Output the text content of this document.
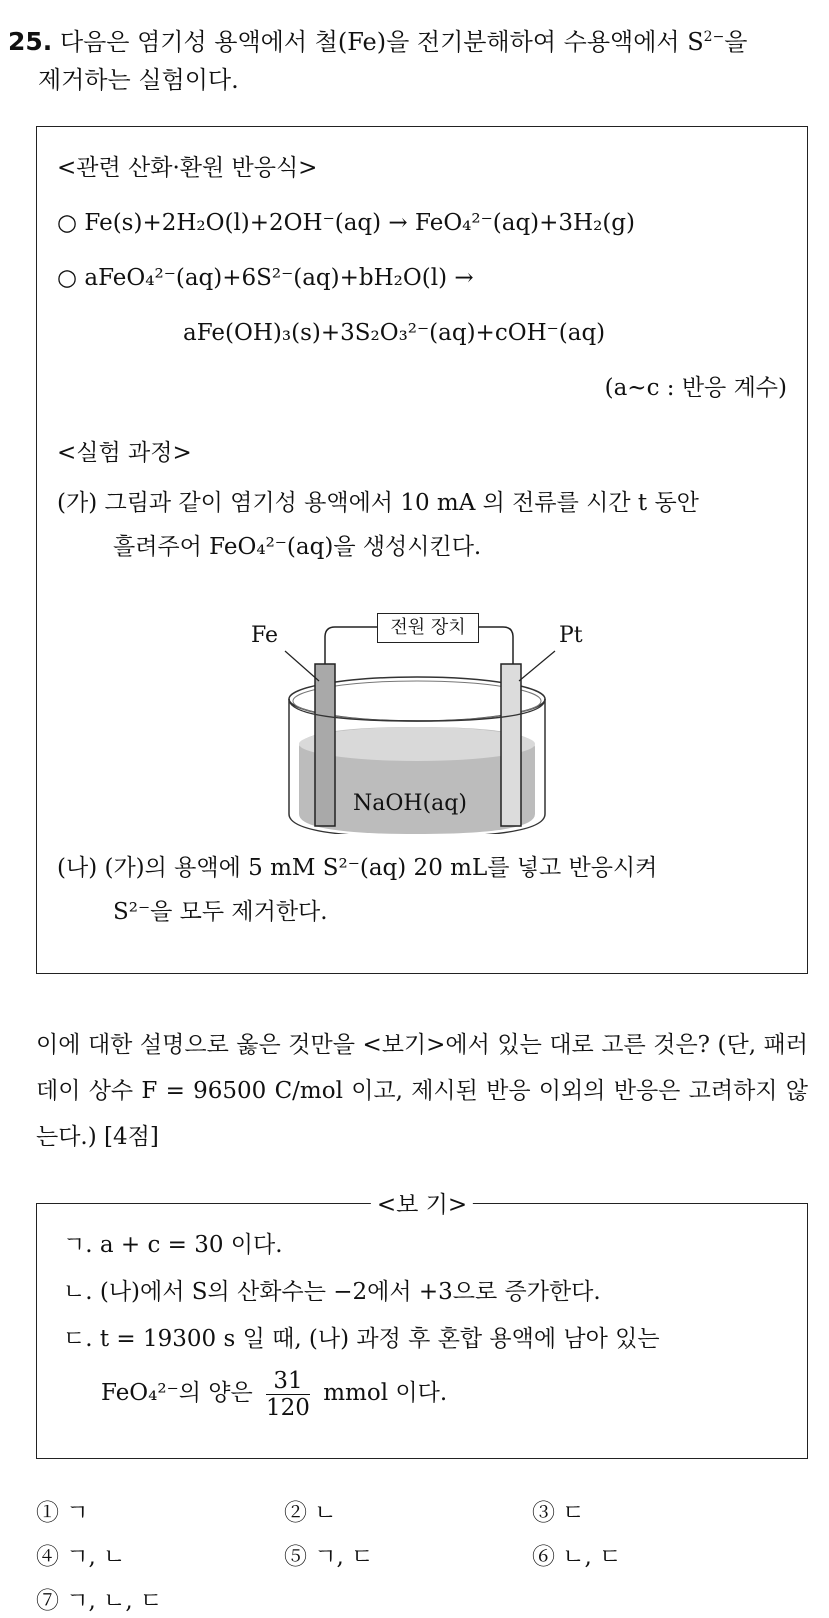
25. 다음은 염기성 용액에서 철(Fe)을 전기분해하여 수용액에서 $S^{2-}$을
제거하는 실험이다.
<관련 산화·환원 반응식>
○ Fe(s)+2H₂O(l)+2OH⁻(aq) → FeO₄²⁻(aq)+3H₂(g)
○ aFeO₄²⁻(aq)+6S²⁻(aq)+bH₂O(l) →
aFe(OH)₃(s)+3S₂O₃²⁻(aq)+cOH⁻(aq)
(a~c : 반응 계수)
<실험 과정>
(가) 그림과 같이 염기성 용액에서 10 mA 의 전류를 시간 t 동안
흘려주어 FeO₄²⁻(aq)을 생성시킨다.
전원 장치
Fe	Pt
NaOH(aq)
(나) (가)의 용액에 5 mM S²⁻(aq) 20 mL를 넣고 반응시켜
S²⁻을 모두 제거한다.
이에 대한 설명으로 옳은 것만을 <보기>에서 있는 대로 고른 것은? (단, 패러데이 상수 F = 96500 C/mol 이고, 제시된 반응 이외의 반응은 고려하지 않는다.) [4점]
<보 기>
ㄱ. a + c = 30 이다.
ㄴ. (나)에서 S의 산화수는 −2에서 +3으로 증가한다.
ㄷ. t = 19300 s 일 때, (나) 과정 후 혼합 용액에 남아 있는
FeO₄²⁻의 양은 $\frac{31}{120}$ mmol 이다.
① ㄱ	② ㄴ	③ ㄷ
④ ㄱ, ㄴ	⑤ ㄱ, ㄷ	⑥ ㄴ, ㄷ
⑦ ㄱ, ㄴ, ㄷ
